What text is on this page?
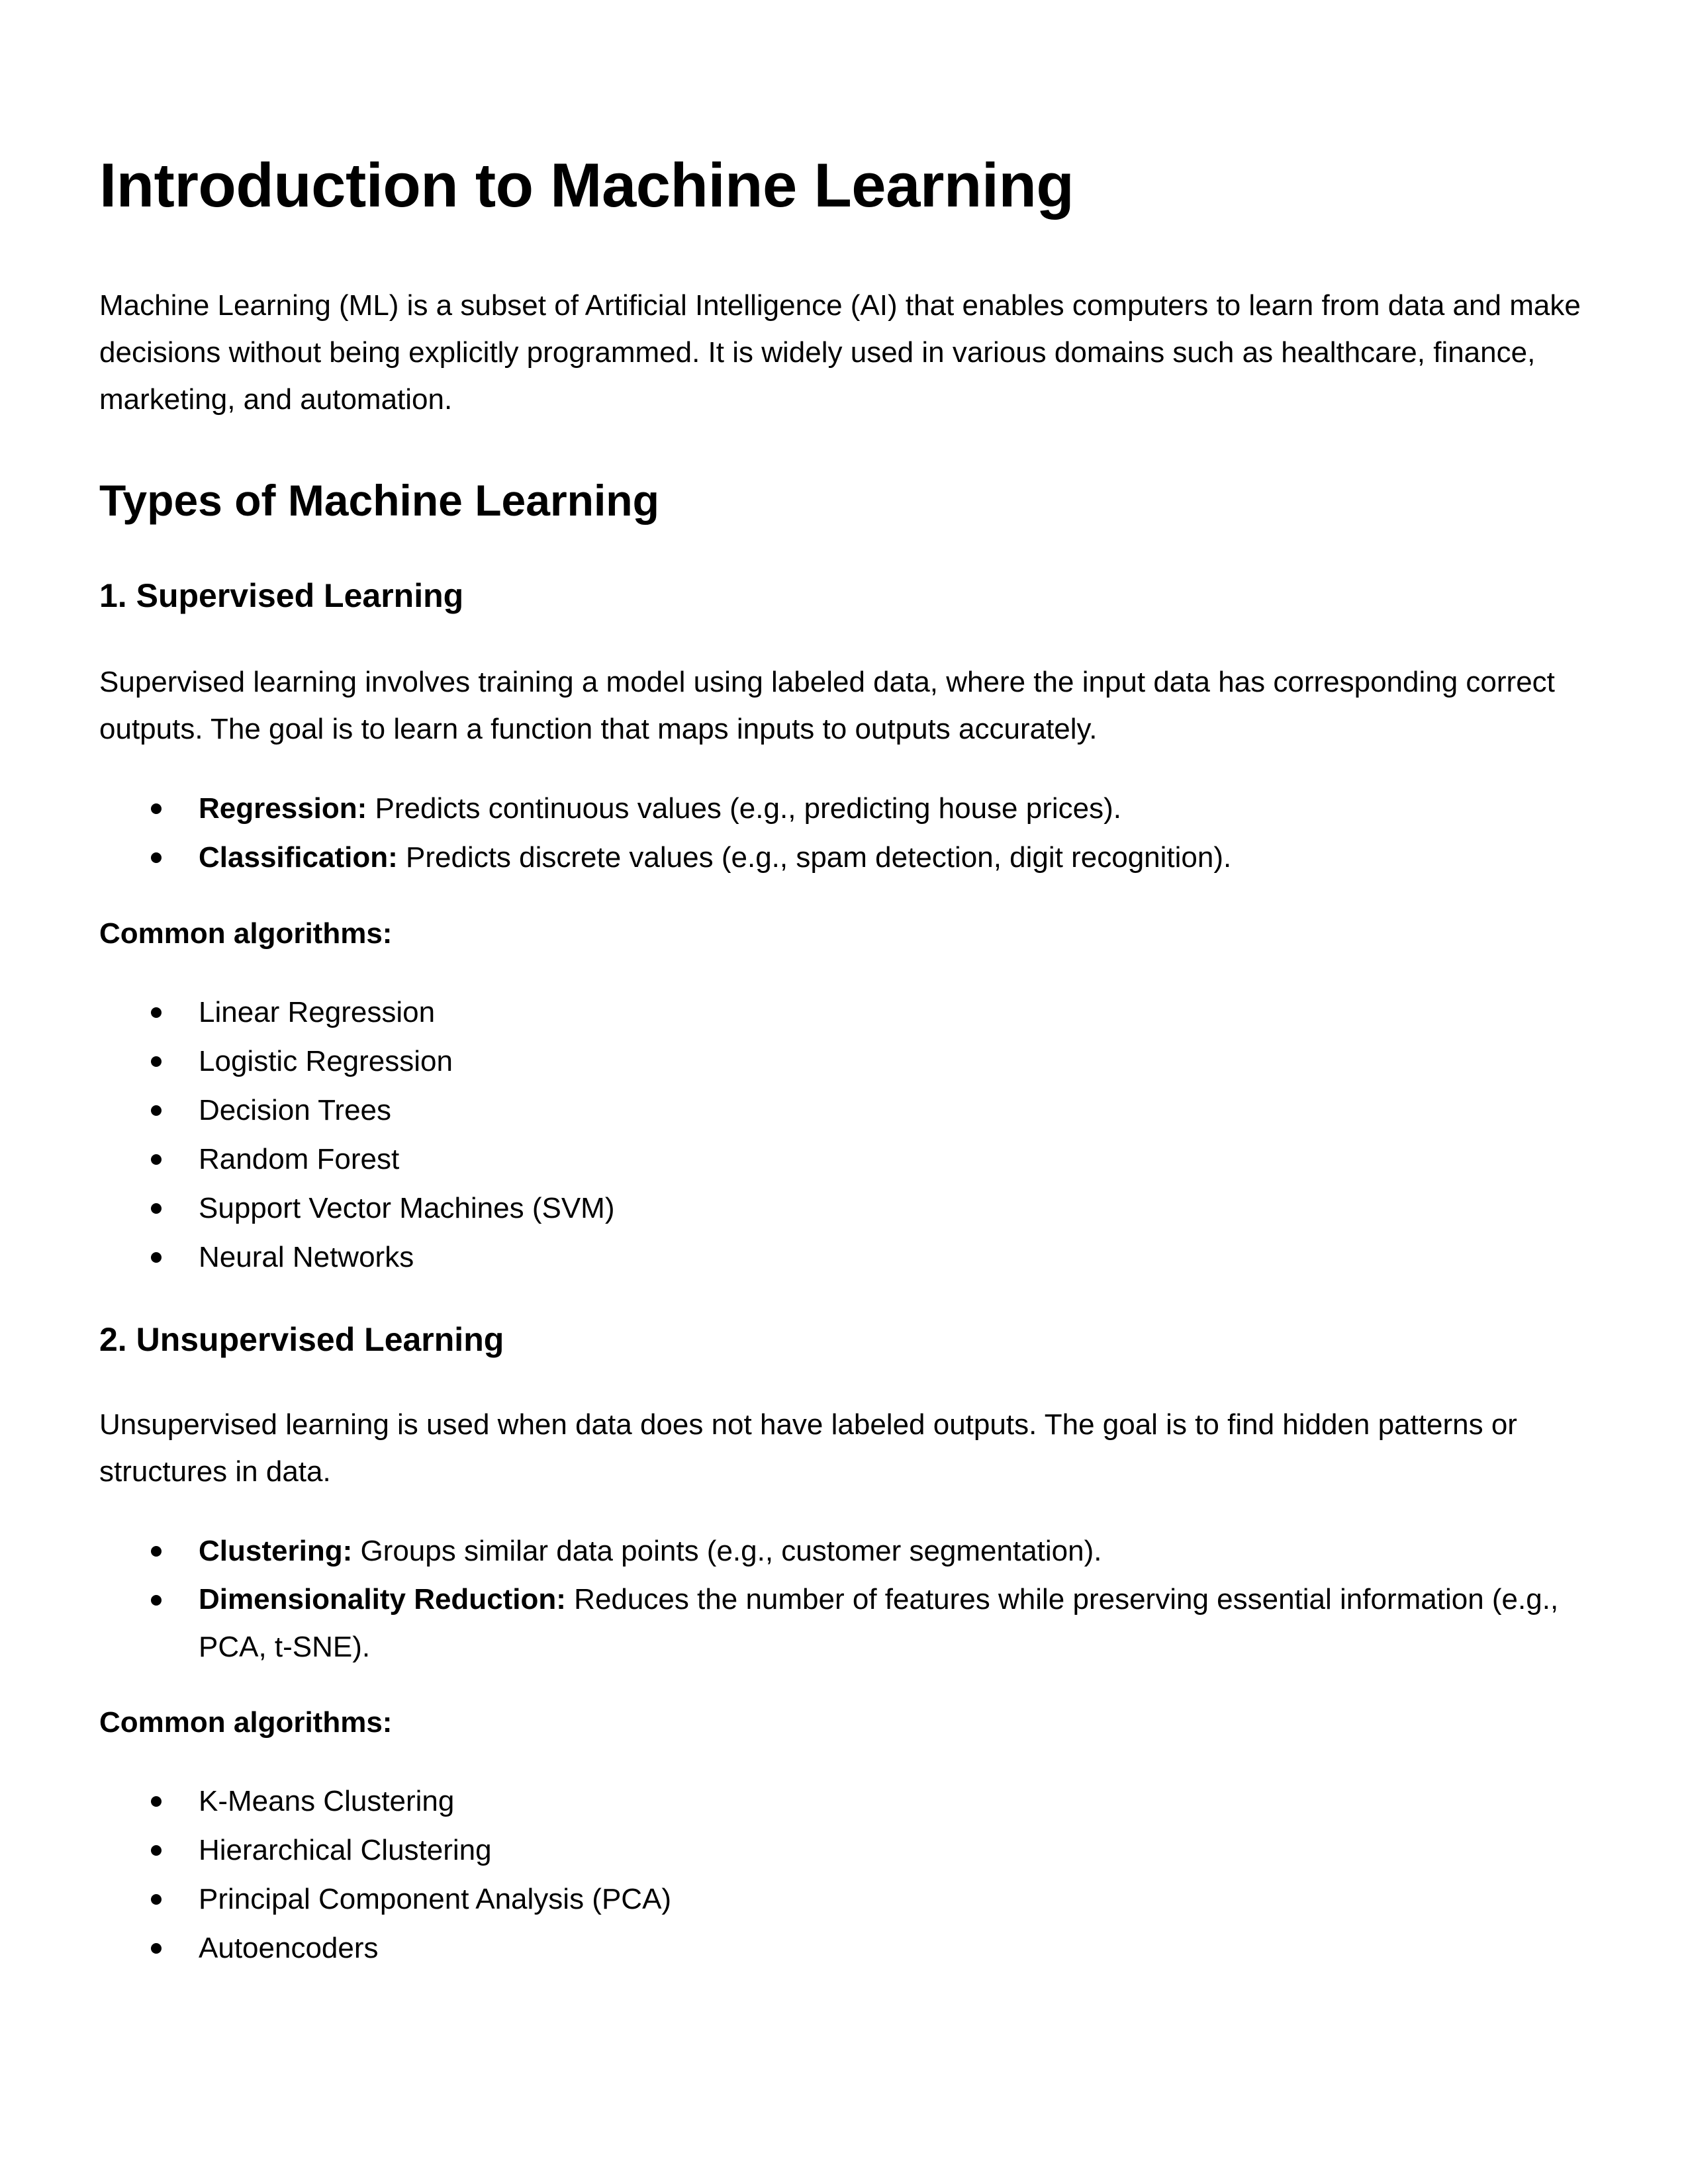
Introduction to Machine Learning

Machine Learning (ML) is a subset of Artificial Intelligence (AI) that enables computers to learn from data and make decisions without being explicitly programmed. It is widely used in various domains such as healthcare, finance, marketing, and automation.

Types of Machine Learning
1. Supervised Learning

Supervised learning involves training a model using labeled data, where the input data has corresponding correct outputs. The goal is to learn a function that maps inputs to outputs accurately.

Regression: Predicts continuous values (e.g., predicting house prices).
Classification: Predicts discrete values (e.g., spam detection, digit recognition).
Common algorithms:
Linear Regression
Logistic Regression
Decision Trees
Random Forest
Support Vector Machines (SVM)
Neural Networks
2. Unsupervised Learning

Unsupervised learning is used when data does not have labeled outputs. The goal is to find hidden patterns or structures in data.

Clustering: Groups similar data points (e.g., customer segmentation).
Dimensionality Reduction: Reduces the number of features while preserving essential information (e.g., PCA, t-SNE).
Common algorithms:
K-Means Clustering
Hierarchical Clustering
Principal Component Analysis (PCA)
Autoencoders
